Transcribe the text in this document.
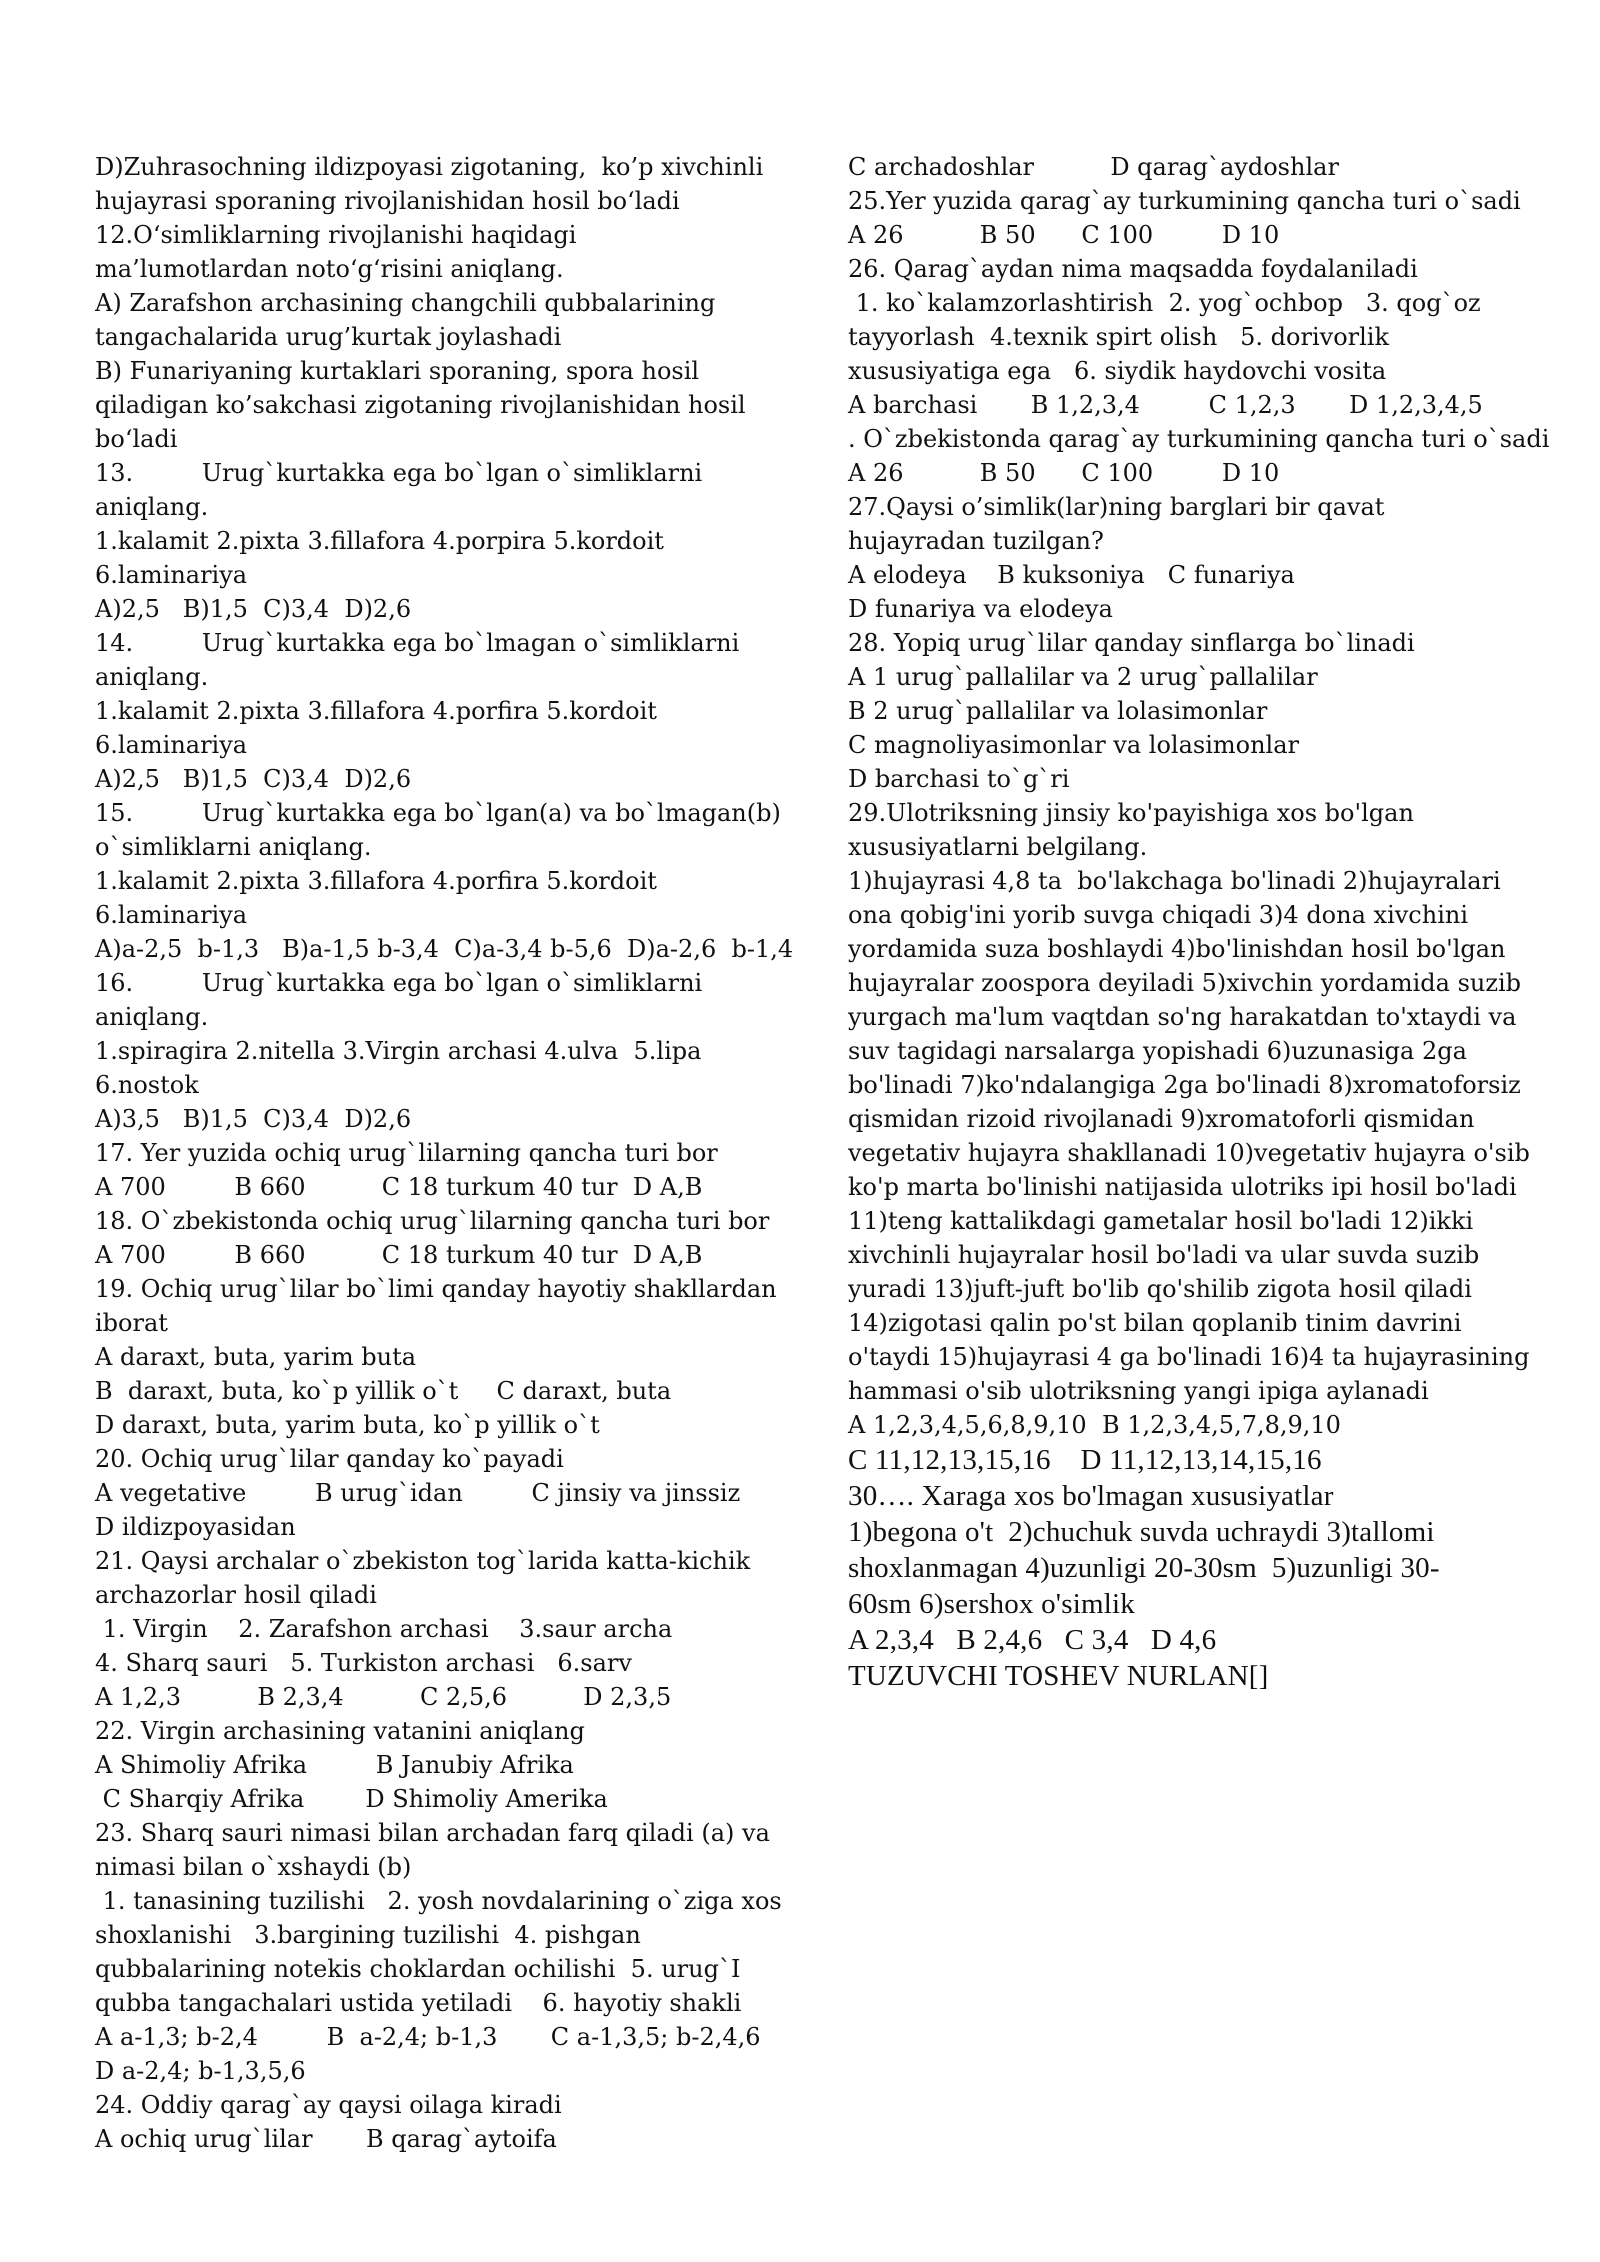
D)Zuhrasochning ildizpoyasi zigotaning,  ko’p xivchinli
hujayrasi sporaning rivojlanishidan hosil bo‘ladi
12.O‘simliklarning rivojlanishi haqidagi
ma’lumotlardan noto‘g‘risini aniqlang.
A) Zarafshon archasining changchili qubbalarining
tangachalarida urug’kurtak joylashadi
B) Funariyaning kurtaklari sporaning, spora hosil
qiladigan ko’sakchasi zigotaning rivojlanishidan hosil
bo‘ladi
13.         Urug`kurtakka ega bo`lgan o`simliklarni
aniqlang.
1.kalamit 2.pixta 3.fillafora 4.porpira 5.kordoit
6.laminariya
A)2,5   B)1,5  C)3,4  D)2,6
14.         Urug`kurtakka ega bo`lmagan o`simliklarni
aniqlang.
1.kalamit 2.pixta 3.fillafora 4.porfira 5.kordoit
6.laminariya
A)2,5   B)1,5  C)3,4  D)2,6
15.         Urug`kurtakka ega bo`lgan(a) va bo`lmagan(b)
o`simliklarni aniqlang.
1.kalamit 2.pixta 3.fillafora 4.porfira 5.kordoit
6.laminariya
A)a-2,5  b-1,3   B)a-1,5 b-3,4  C)a-3,4 b-5,6  D)a-2,6  b-1,4
16.         Urug`kurtakka ega bo`lgan o`simliklarni
aniqlang.
1.spiragira 2.nitella 3.Virgin archasi 4.ulva  5.lipa
6.nostok
A)3,5   B)1,5  C)3,4  D)2,6
17. Yer yuzida ochiq urug`lilarning qancha turi bor
A 700         B 660          C 18 turkum 40 tur  D A,B
18. O`zbekistonda ochiq urug`lilarning qancha turi bor
A 700         B 660          C 18 turkum 40 tur  D A,B
19. Ochiq urug`lilar bo`limi qanday hayotiy shakllardan
iborat
A daraxt, buta, yarim buta
B  daraxt, buta, ko`p yillik o`t     C daraxt, buta
D daraxt, buta, yarim buta, ko`p yillik o`t
20. Ochiq urug`lilar qanday ko`payadi
A vegetative         B urug`idan         C jinsiy va jinssiz
D ildizpoyasidan
21. Qaysi archalar o`zbekiston tog`larida katta-kichik
archazorlar hosil qiladi
1. Virgin    2. Zarafshon archasi    3.saur archa
4. Sharq sauri   5. Turkiston archasi   6.sarv
A 1,2,3          B 2,3,4          C 2,5,6          D 2,3,5
22. Virgin archasining vatanini aniqlang
A Shimoliy Afrika         B Janubiy Afrika
C Sharqiy Afrika        D Shimoliy Amerika
23. Sharq sauri nimasi bilan archadan farq qiladi (a) va
nimasi bilan o`xshaydi (b)
1. tanasining tuzilishi   2. yosh novdalarining o`ziga xos
shoxlanishi   3.bargining tuzilishi  4. pishgan
qubbalarining notekis choklardan ochilishi  5. urug`I
qubba tangachalari ustida yetiladi    6. hayotiy shakli
A a-1,3; b-2,4         B  a-2,4; b-1,3       C a-1,3,5; b-2,4,6
D a-2,4; b-1,3,5,6
24. Oddiy qarag`ay qaysi oilaga kiradi
A ochiq urug`lilar       B qarag`aytoifa
C archadoshlar          D qarag`aydoshlar
25.Yer yuzida qarag`ay turkumining qancha turi o`sadi
A 26          B 50      C 100         D 10
26. Qarag`aydan nima maqsadda foydalaniladi
1. ko`kalamzorlashtirish  2. yog`ochbop   3. qog`oz
tayyorlash  4.texnik spirt olish   5. dorivorlik
xususiyatiga ega   6. siydik haydovchi vosita
A barchasi       B 1,2,3,4         C 1,2,3       D 1,2,3,4,5
. O`zbekistonda qarag`ay turkumining qancha turi o`sadi
A 26          B 50      C 100         D 10
27.Qaysi o’simlik(lar)ning barglari bir qavat
hujayradan tuzilgan?
A elodeya    B kuksoniya   C funariya
D funariya va elodeya
28. Yopiq urug`lilar qanday sinflarga bo`linadi
A 1 urug`pallalilar va 2 urug`pallalilar
B 2 urug`pallalilar va lolasimonlar
C magnoliyasimonlar va lolasimonlar
D barchasi to`g`ri
29.Ulotriksning jinsiy ko'payishiga xos bo'lgan
xususiyatlarni belgilang.
1)hujayrasi 4,8 ta  bo'lakchaga bo'linadi 2)hujayralari
ona qobig'ini yorib suvga chiqadi 3)4 dona xivchini
yordamida suza boshlaydi 4)bo'linishdan hosil bo'lgan
hujayralar zoospora deyiladi 5)xivchin yordamida suzib
yurgach ma'lum vaqtdan so'ng harakatdan to'xtaydi va
suv tagidagi narsalarga yopishadi 6)uzunasiga 2ga
bo'linadi 7)ko'ndalangiga 2ga bo'linadi 8)xromatoforsiz
qismidan rizoid rivojlanadi 9)xromatoforli qismidan
vegetativ hujayra shakllanadi 10)vegetativ hujayra o'sib
ko'p marta bo'linishi natijasida ulotriks ipi hosil bo'ladi
11)teng kattalikdagi gametalar hosil bo'ladi 12)ikki
xivchinli hujayralar hosil bo'ladi va ular suvda suzib
yuradi 13)juft-juft bo'lib qo'shilib zigota hosil qiladi
14)zigotasi qalin po'st bilan qoplanib tinim davrini
o'taydi 15)hujayrasi 4 ga bo'linadi 16)4 ta hujayrasining
hammasi o'sib ulotriksning yangi ipiga aylanadi
A 1,2,3,4,5,6,8,9,10  B 1,2,3,4,5,7,8,9,10
C 11,12,13,15,16    D 11,12,13,14,15,16
30…. Xaraga xos bo'lmagan xususiyatlar
1)begona o't  2)chuchuk suvda uchraydi 3)tallomi
shoxlanmagan 4)uzunligi 20-30sm  5)uzunligi 30-
60sm 6)sershox o'simlik
A 2,3,4   B 2,4,6   C 3,4   D 4,6
TUZUVCHI TOSHEV NURLAN[]
